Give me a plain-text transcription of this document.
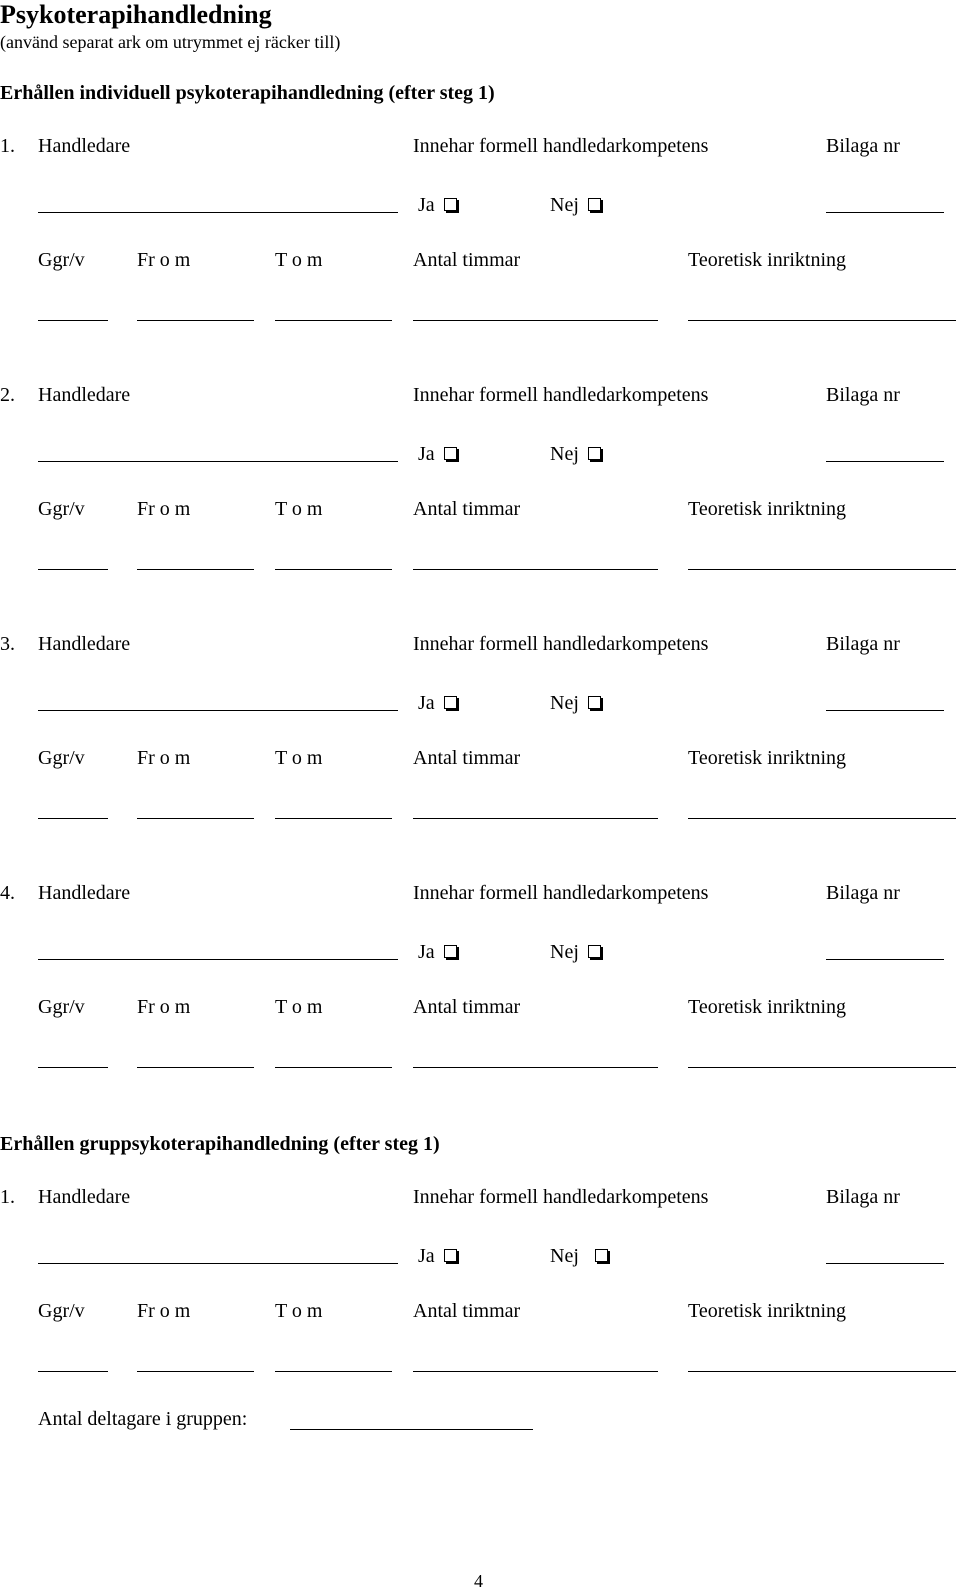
Psykoterapihandledning
(använd separat ark om utrymmet ej räcker till)
Erhållen individuell psykoterapihandledning (efter steg 1)
1. Handledare	Innehar formell handledarkompetens	Bilaga nr
Ja	Nej
Ggr/v	Fr o m	T o m	Antal timmar	Teoretisk inriktning
2. Handledare	Innehar formell handledarkompetens	Bilaga nr
Ja	Nej
Ggr/v	Fr o m	T o m	Antal timmar	Teoretisk inriktning
3. Handledare	Innehar formell handledarkompetens	Bilaga nr
Ja	Nej
Ggr/v	Fr o m	T o m	Antal timmar	Teoretisk inriktning
4. Handledare	Innehar formell handledarkompetens	Bilaga nr
Ja	Nej
Ggr/v	Fr o m	T o m	Antal timmar	Teoretisk inriktning
Erhållen gruppsykoterapihandledning (efter steg 1)
1. Handledare	Innehar formell handledarkompetens	Bilaga nr
Ja	Nej
Ggr/v	Fr o m	T o m	Antal timmar	Teoretisk inriktning
Antal deltagare i gruppen:
4
